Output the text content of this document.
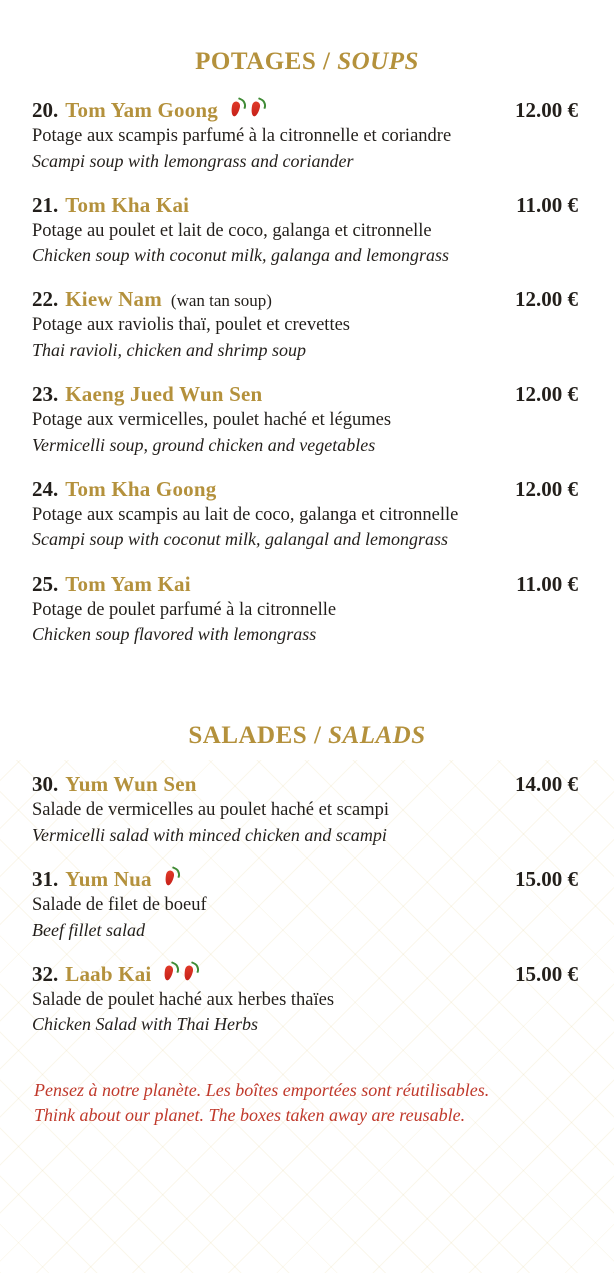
POTAGES / SOUPS
20. Tom Yam Goong	12.00 €
Potage aux scampis parfumé à la citronnelle et coriandre
Scampi soup with lemongrass and coriander
21. Tom Kha Kai	11.00 €
Potage au poulet et lait de coco, galanga et citronnelle
Chicken soup with coconut milk, galanga and lemongrass
22. Kiew Nam (wan tan soup)	12.00 €
Potage aux raviolis thaï, poulet et crevettes
Thai ravioli, chicken and shrimp soup
23. Kaeng Jued Wun Sen	12.00 €
Potage aux vermicelles, poulet haché et légumes
Vermicelli soup, ground chicken and vegetables
24. Tom Kha Goong	12.00 €
Potage aux scampis au lait de coco, galanga et citronnelle
Scampi soup with coconut milk, galangal and lemongrass
25. Tom Yam Kai	11.00 €
Potage de poulet parfumé à la citronnelle
Chicken soup flavored with lemongrass
SALADES / SALADS
30. Yum Wun Sen	14.00 €
Salade de vermicelles au poulet haché et scampi
Vermicelli salad with minced chicken and scampi
31. Yum Nua	15.00 €
Salade de filet de boeuf
Beef fillet salad
32. Laab Kai	15.00 €
Salade de poulet haché aux herbes thaïes
Chicken Salad with Thai Herbs
Pensez à notre planète. Les boîtes emportées sont réutilisables.
Think about our planet. The boxes taken away are reusable.
